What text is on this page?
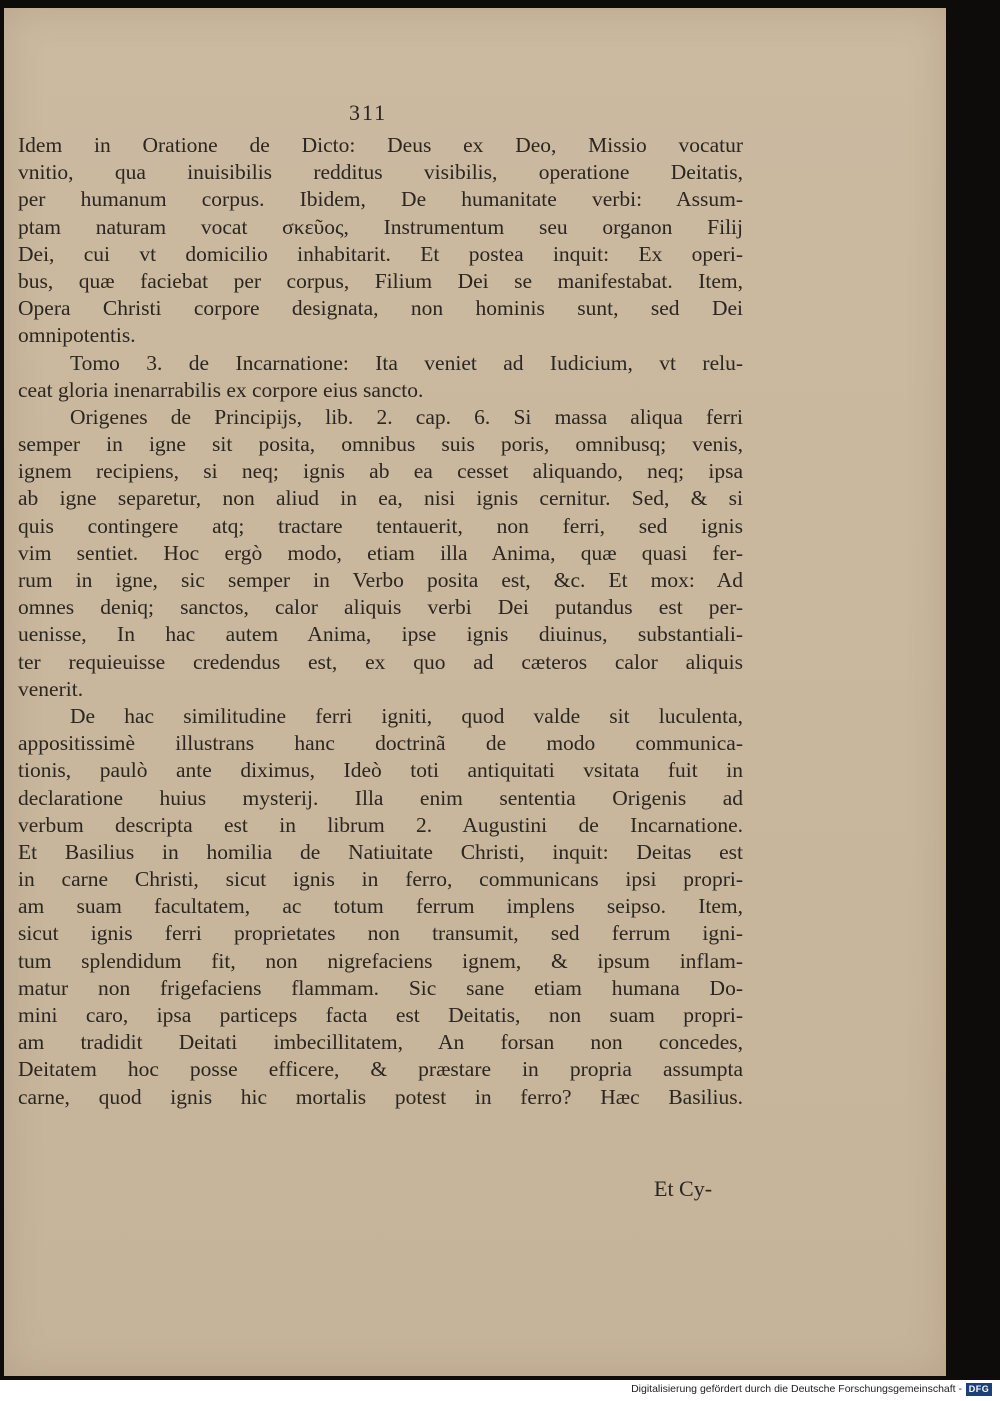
311
Idem in Oratione de Dicto: Deus ex Deo, Missio vocatur
vnitio, qua inuisibilis redditus visibilis, operatione Deitatis,
per humanum corpus. Ibidem, De humanitate verbi: Assum-
ptam naturam vocat σκεῦος, Instrumentum seu organon Filij
Dei, cui vt domicilio inhabitarit. Et postea inquit: Ex operi-
bus, quæ faciebat per corpus, Filium Dei se manifestabat. Item,
Opera Christi corpore designata, non hominis sunt, sed Dei
omnipotentis.
Tomo 3. de Incarnatione: Ita veniet ad Iudicium, vt relu-
ceat gloria inenarrabilis ex corpore eius sancto.
Origenes de Principijs, lib. 2. cap. 6. Si massa aliqua ferri
semper in igne sit posita, omnibus suis poris, omnibusq; venis,
ignem recipiens, si neq; ignis ab ea cesset aliquando, neq; ipsa
ab igne separetur, non aliud in ea, nisi ignis cernitur. Sed, & si
quis contingere atq; tractare tentauerit, non ferri, sed ignis
vim sentiet. Hoc ergò modo, etiam illa Anima, quæ quasi fer-
rum in igne, sic semper in Verbo posita est, &c. Et mox: Ad
omnes deniq; sanctos, calor aliquis verbi Dei putandus est per-
uenisse, In hac autem Anima, ipse ignis diuinus, substantiali-
ter requieuisse credendus est, ex quo ad cæteros calor aliquis
venerit.
De hac similitudine ferri igniti, quod valde sit luculenta,
appositissimè illustrans hanc doctrinã de modo communica-
tionis, paulò ante diximus, Ideò toti antiquitati vsitata fuit in
declaratione huius mysterij. Illa enim sententia Origenis ad
verbum descripta est in librum 2. Augustini de Incarnatione.
Et Basilius in homilia de Natiuitate Christi, inquit: Deitas est
in carne Christi, sicut ignis in ferro, communicans ipsi propri-
am suam facultatem, ac totum ferrum implens seipso. Item,
sicut ignis ferri proprietates non transumit, sed ferrum igni-
tum splendidum fit, non nigrefaciens ignem, & ipsum inflam-
matur non frigefaciens flammam. Sic sane etiam humana Do-
mini caro, ipsa particeps facta est Deitatis, non suam propri-
am tradidit Deitati imbecillitatem, An forsan non concedes,
Deitatem hoc posse efficere, & præstare in propria assumpta
carne, quod ignis hic mortalis potest in ferro? Hæc Basilius.
Et Cy-
Digitalisierung gefördert durch die Deutsche Forschungsgemeinschaft - DFG
